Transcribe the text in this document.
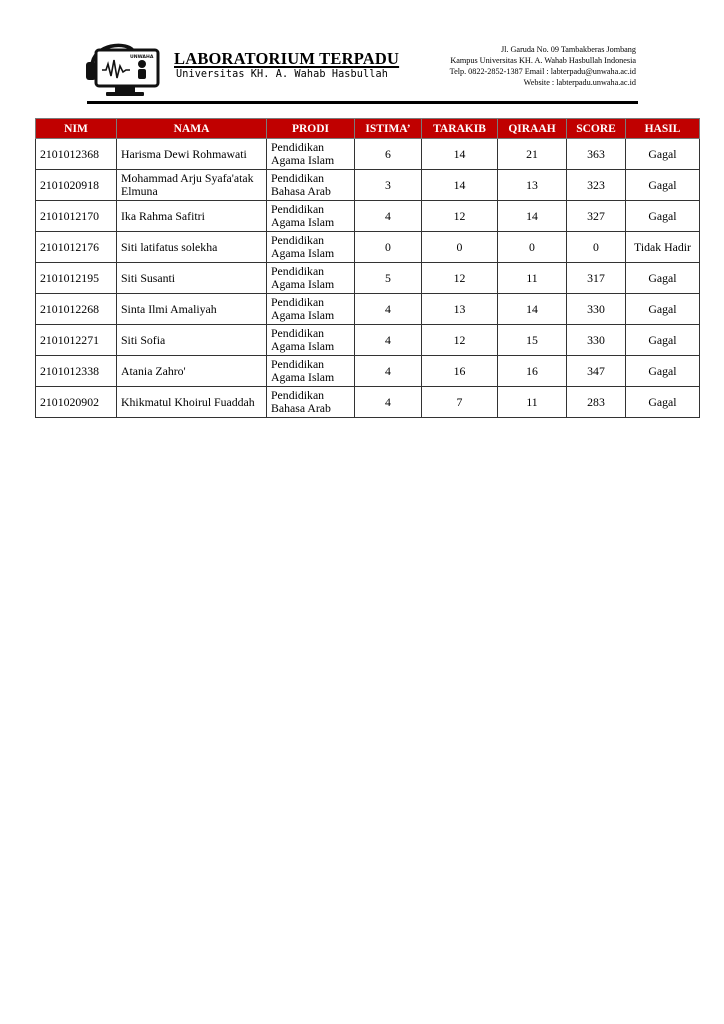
UNWAHA LABORATORIUM TERPADU
Universitas KH. A. Wahab Hasbullah
Jl. Garuda No. 09 Tambakberas Jombang
Kampus Universitas KH. A. Wahab Hasbullah Indonesia
Telp. 0822-2852-1387 Email : labterpadu@unwaha.ac.id
Website : labterpadu.unwaha.ac.id
NIM	NAMA	PRODI	ISTIMA’	TARAKIB	QIRAAH	SCORE	HASIL
2101012368	Harisma Dewi Rohmawati	Pendidikan Agama Islam	6	14	21	363	Gagal
2101020918	Mohammad Arju Syafa'atak Elmuna	Pendidikan Bahasa Arab	3	14	13	323	Gagal
2101012170	Ika Rahma Safitri	Pendidikan Agama Islam	4	12	14	327	Gagal
2101012176	Siti latifatus solekha	Pendidikan Agama Islam	0	0	0	0	Tidak Hadir
2101012195	Siti Susanti	Pendidikan Agama Islam	5	12	11	317	Gagal
2101012268	Sinta Ilmi Amaliyah	Pendidikan Agama Islam	4	13	14	330	Gagal
2101012271	Siti Sofia	Pendidikan Agama Islam	4	12	15	330	Gagal
2101012338	Atania Zahro'	Pendidikan Agama Islam	4	16	16	347	Gagal
2101020902	Khikmatul Khoirul Fuaddah	Pendidikan Bahasa Arab	4	7	11	283	Gagal
